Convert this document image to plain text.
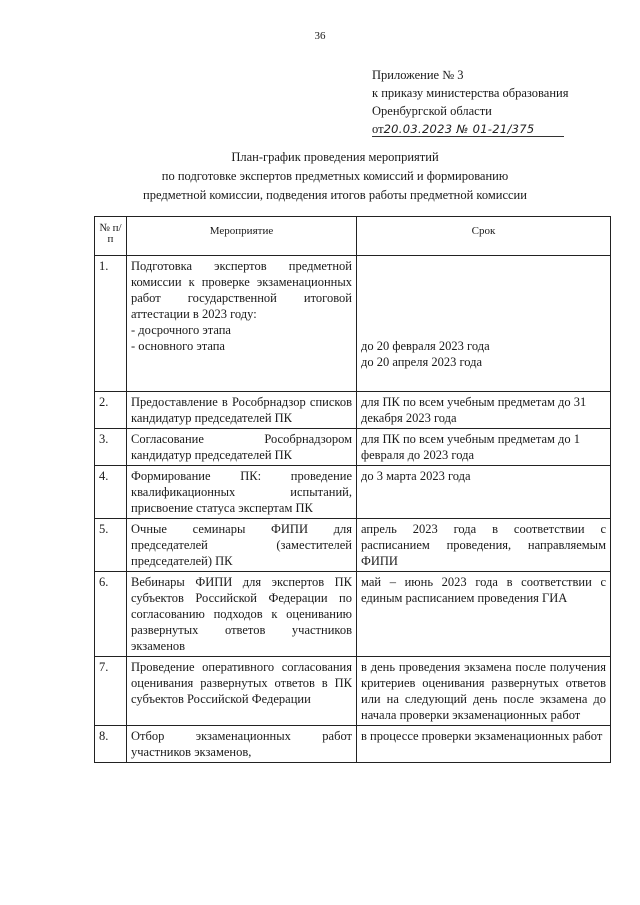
36
Приложение № 3
к приказу министерства образования
Оренбургской области
от20.03.2023 № 01-21/375
План-график проведения мероприятий
по подготовке экспертов предметных комиссий и формированию
предметной комиссии, подведения итогов работы предметной комиссии
№ п/п	Мероприятие	Срок
1.	Подготовка экспертов предметной комиссии к проверке экзаменационных работ государственной итоговой аттестации в 2023 году:
- досрочного этапа
- основного этапа	до 20 февраля 2023 года
до 20 апреля 2023 года

2.	Предоставление в Рособрнадзор списков кандидатур председателей ПК	для ПК по всем учебным предметам до 31 декабря 2023 года
3.	Согласование Рособрнадзором кандидатур председателей ПК	для ПК по всем учебным предметам до 1 февраля до 2023 года
4.	Формирование ПК: проведение квалификационных испытаний, присвоение статуса экспертам ПК	до 3 марта 2023 года
5.	Очные семинары ФИПИ для председателей (заместителей председателей) ПК	апрель 2023 года в соответствии с расписанием проведения, направляемым ФИПИ
6.	Вебинары ФИПИ для экспертов ПК субъектов Российской Федерации по согласованию подходов к оцениванию развернутых ответов участников экзаменов	май – июнь 2023 года в соответствии с единым расписанием проведения ГИА
7.	Проведение оперативного согласования оценивания развернутых ответов в ПК субъектов Российской Федерации	в день проведения экзамена после получения критериев оценивания развернутых ответов или на следующий день после экзамена до начала проверки экзаменационных работ
8.	Отбор экзаменационных работ участников экзаменов,	в процессе проверки экзаменационных работ
